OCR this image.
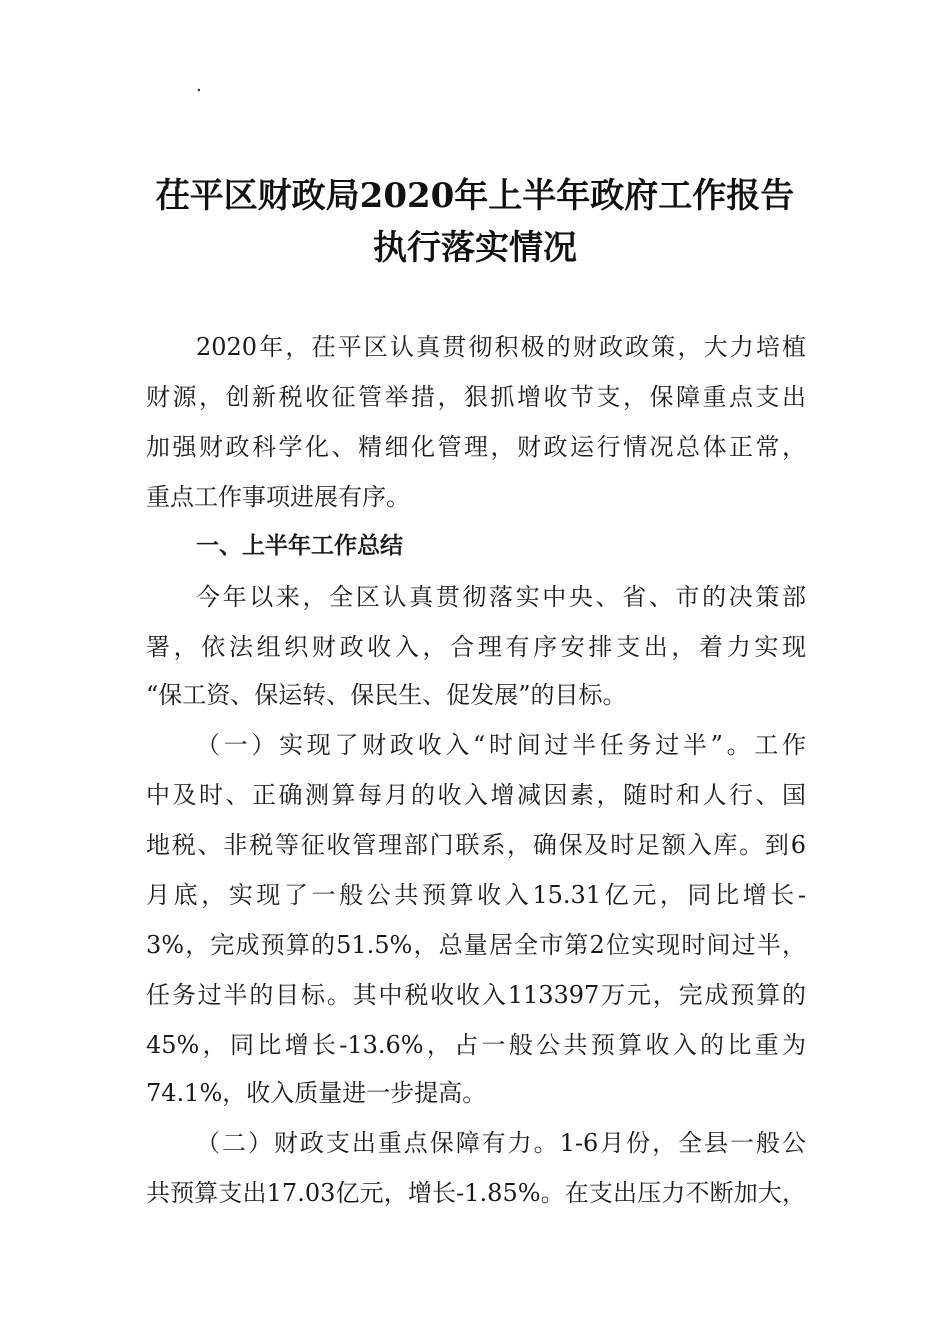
.
茌平区财政局2020年上半年政府工作报告
执行落实情况
2020年，茌平区认真贯彻积极的财政政策，大力培植
财源，创新税收征管举措，狠抓增收节支，保障重点支出
加强财政科学化、精细化管理，财政运行情况总体正常，
重点工作事项进展有序。
一、上半年工作总结
今年以来，全区认真贯彻落实中央、省、市的决策部
署，依法组织财政收入，合理有序安排支出，着力实现
“保工资、保运转、保民生、促发展”的目标。
（一）实现了财政收入“时间过半任务过半”。工作
中及时、正确测算每月的收入增减因素，随时和人行、国
地税、非税等征收管理部门联系，确保及时足额入库。到6
月底，实现了一般公共预算收入15.31亿元，同比增长-
3%，完成预算的51.5%，总量居全市第2位实现时间过半，
任务过半的目标。其中税收收入113397万元，完成预算的
45%，同比增长-13.6%，占一般公共预算收入的比重为
74.1%，收入质量进一步提高。
（二）财政支出重点保障有力。1-6月份，全县一般公
共预算支出17.03亿元，增长-1.85%。在支出压力不断加大，
